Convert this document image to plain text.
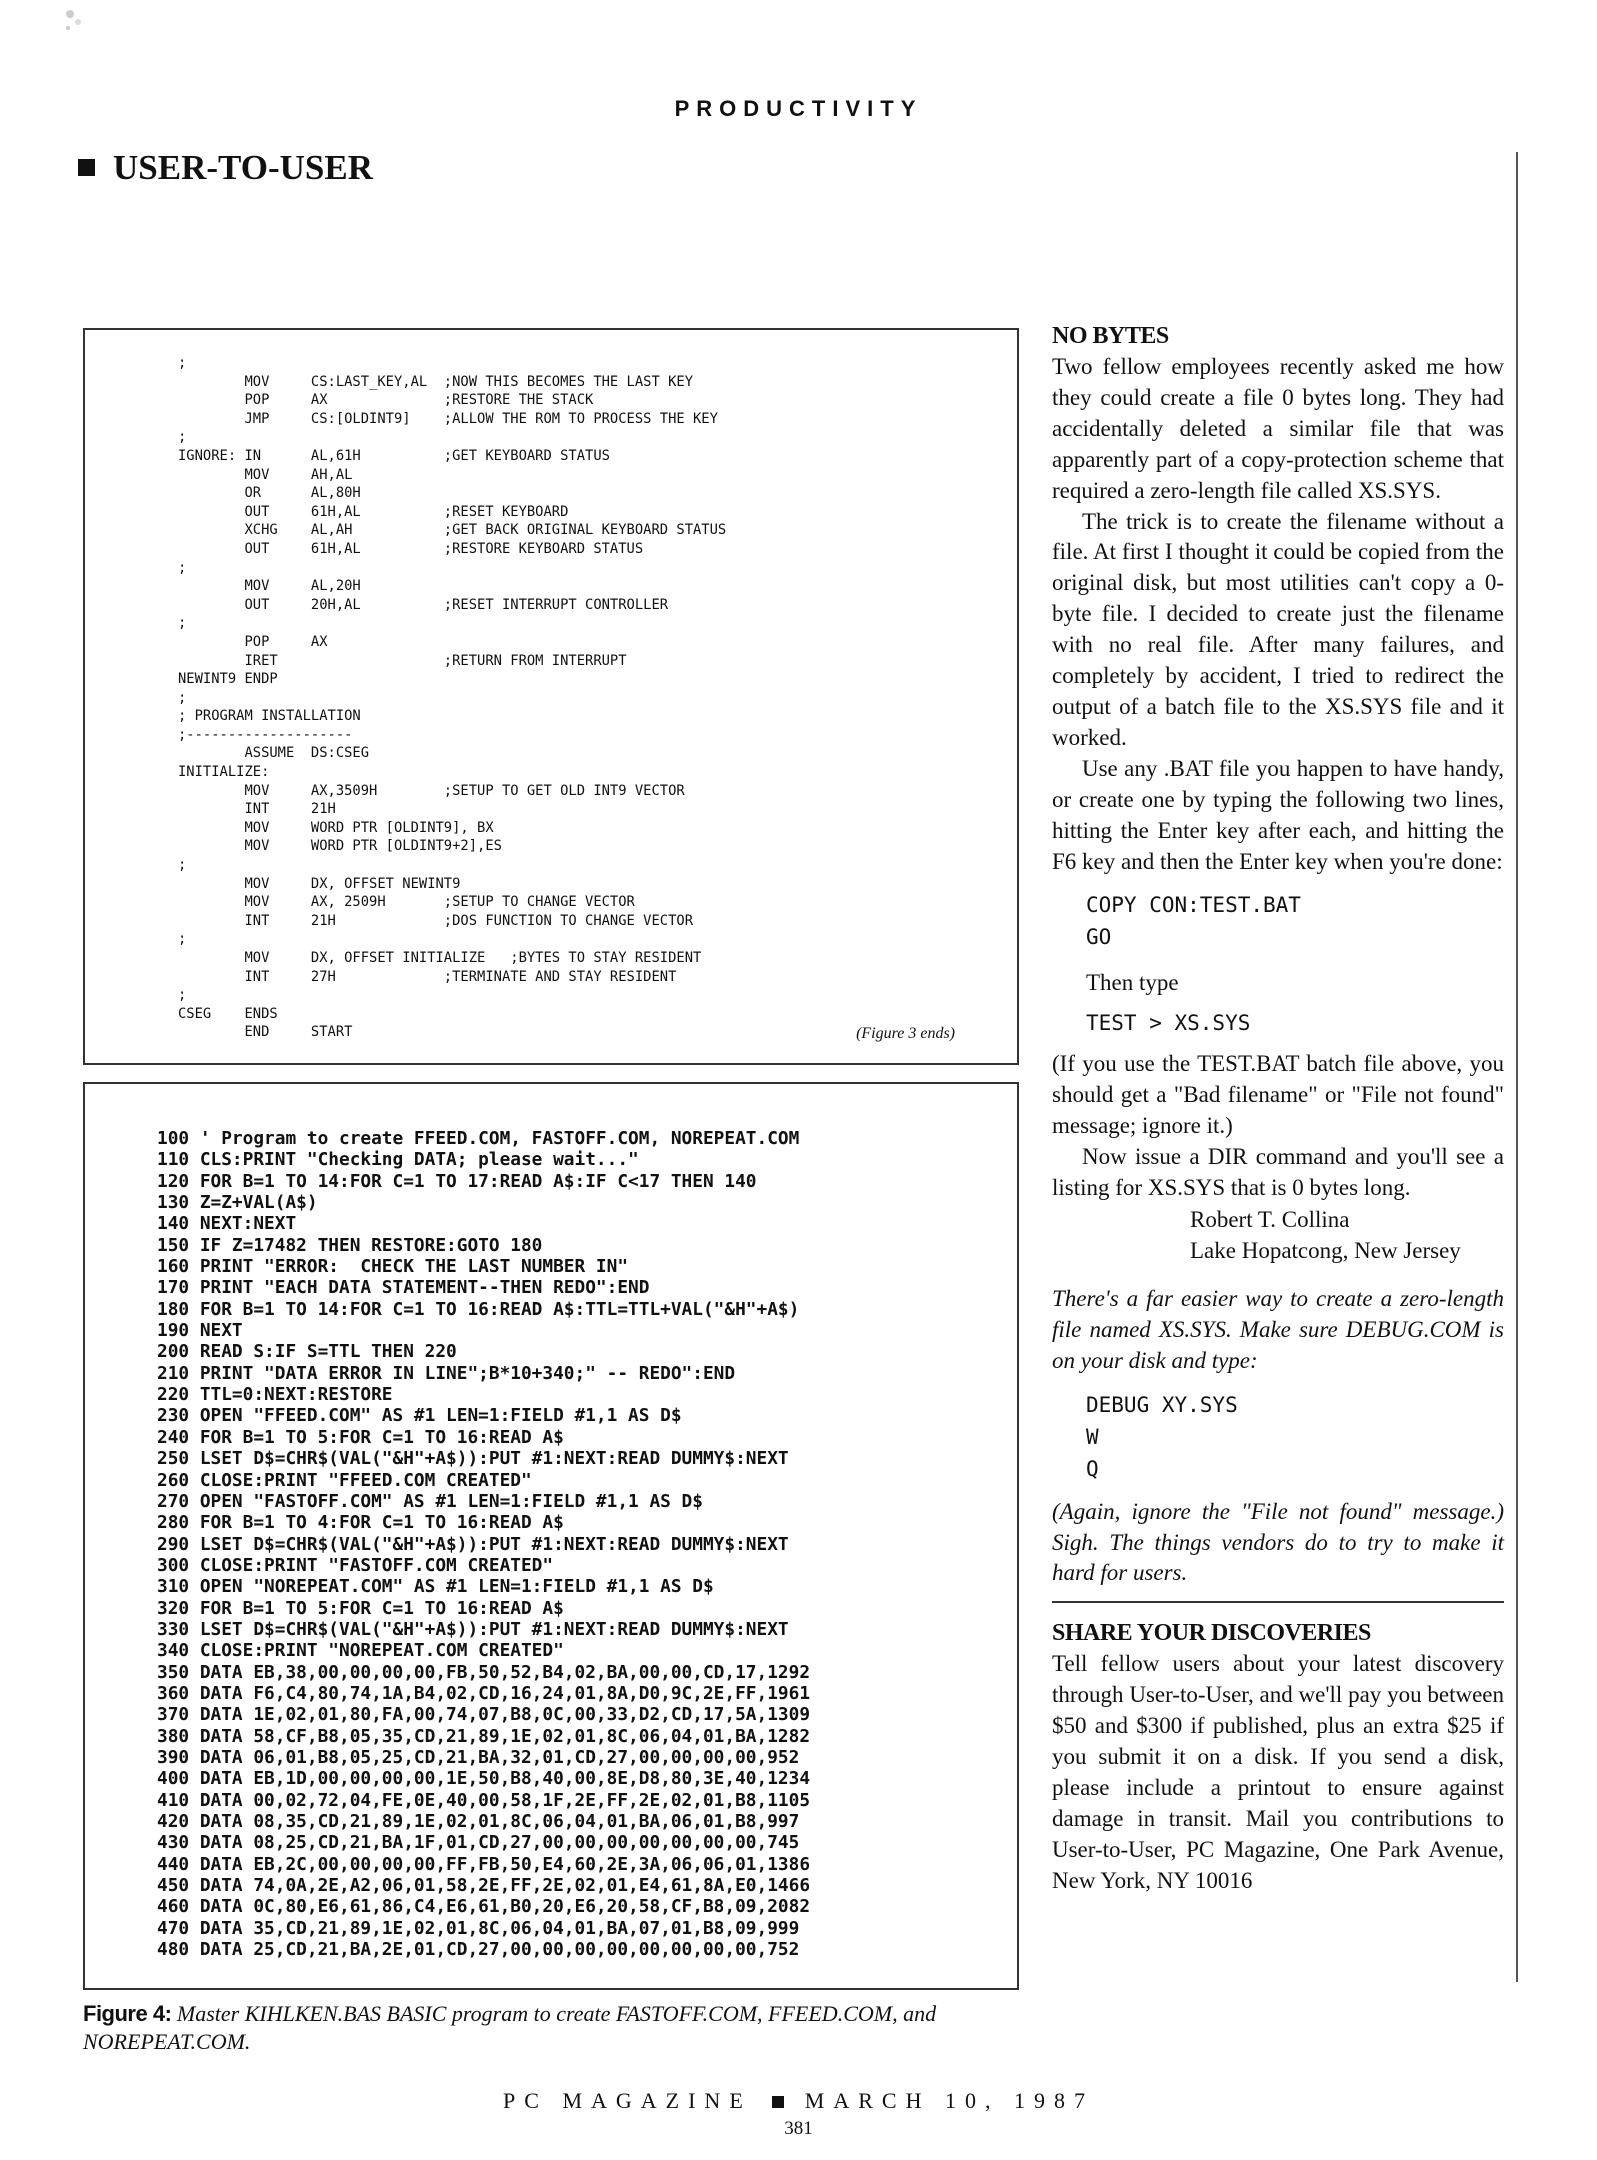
PRODUCTIVITY
USER-TO-USER
;
MOV     CS:LAST_KEY,AL  ;NOW THIS BECOMES THE LAST KEY
POP     AX              ;RESTORE THE STACK
JMP     CS:[OLDINT9]    ;ALLOW THE ROM TO PROCESS THE KEY
;
IGNORE: IN      AL,61H          ;GET KEYBOARD STATUS
MOV     AH,AL
OR      AL,80H
OUT     61H,AL          ;RESET KEYBOARD
XCHG    AL,AH           ;GET BACK ORIGINAL KEYBOARD STATUS
OUT     61H,AL          ;RESTORE KEYBOARD STATUS
;
MOV     AL,20H
OUT     20H,AL          ;RESET INTERRUPT CONTROLLER
;
POP     AX
IRET                    ;RETURN FROM INTERRUPT
NEWINT9 ENDP
;
; PROGRAM INSTALLATION
;--------------------
ASSUME  DS:CSEG
INITIALIZE:
MOV     AX,3509H        ;SETUP TO GET OLD INT9 VECTOR
INT     21H
MOV     WORD PTR [OLDINT9], BX
MOV     WORD PTR [OLDINT9+2],ES
;
MOV     DX, OFFSET NEWINT9
MOV     AX, 2509H       ;SETUP TO CHANGE VECTOR
INT     21H             ;DOS FUNCTION TO CHANGE VECTOR
;
MOV     DX, OFFSET INITIALIZE   ;BYTES TO STAY RESIDENT
INT     27H             ;TERMINATE AND STAY RESIDENT
;
CSEG    ENDS
END     START	(Figure 3 ends)
100 ' Program to create FFEED.COM, FASTOFF.COM, NOREPEAT.COM
110 CLS:PRINT "Checking DATA; please wait..."
120 FOR B=1 TO 14:FOR C=1 TO 17:READ A$:IF C<17 THEN 140
130 Z=Z+VAL(A$)
140 NEXT:NEXT
150 IF Z=17482 THEN RESTORE:GOTO 180
160 PRINT "ERROR:  CHECK THE LAST NUMBER IN"
170 PRINT "EACH DATA STATEMENT--THEN REDO":END
180 FOR B=1 TO 14:FOR C=1 TO 16:READ A$:TTL=TTL+VAL("&H"+A$)
190 NEXT
200 READ S:IF S=TTL THEN 220
210 PRINT "DATA ERROR IN LINE";B*10+340;" -- REDO":END
220 TTL=0:NEXT:RESTORE
230 OPEN "FFEED.COM" AS #1 LEN=1:FIELD #1,1 AS D$
240 FOR B=1 TO 5:FOR C=1 TO 16:READ A$
250 LSET D$=CHR$(VAL("&H"+A$)):PUT #1:NEXT:READ DUMMY$:NEXT
260 CLOSE:PRINT "FFEED.COM CREATED"
270 OPEN "FASTOFF.COM" AS #1 LEN=1:FIELD #1,1 AS D$
280 FOR B=1 TO 4:FOR C=1 TO 16:READ A$
290 LSET D$=CHR$(VAL("&H"+A$)):PUT #1:NEXT:READ DUMMY$:NEXT
300 CLOSE:PRINT "FASTOFF.COM CREATED"
310 OPEN "NOREPEAT.COM" AS #1 LEN=1:FIELD #1,1 AS D$
320 FOR B=1 TO 5:FOR C=1 TO 16:READ A$
330 LSET D$=CHR$(VAL("&H"+A$)):PUT #1:NEXT:READ DUMMY$:NEXT
340 CLOSE:PRINT "NOREPEAT.COM CREATED"
350 DATA EB,38,00,00,00,00,FB,50,52,B4,02,BA,00,00,CD,17,1292
360 DATA F6,C4,80,74,1A,B4,02,CD,16,24,01,8A,D0,9C,2E,FF,1961
370 DATA 1E,02,01,80,FA,00,74,07,B8,0C,00,33,D2,CD,17,5A,1309
380 DATA 58,CF,B8,05,35,CD,21,89,1E,02,01,8C,06,04,01,BA,1282
390 DATA 06,01,B8,05,25,CD,21,BA,32,01,CD,27,00,00,00,00,952
400 DATA EB,1D,00,00,00,00,1E,50,B8,40,00,8E,D8,80,3E,40,1234
410 DATA 00,02,72,04,FE,0E,40,00,58,1F,2E,FF,2E,02,01,B8,1105
420 DATA 08,35,CD,21,89,1E,02,01,8C,06,04,01,BA,06,01,B8,997
430 DATA 08,25,CD,21,BA,1F,01,CD,27,00,00,00,00,00,00,00,745
440 DATA EB,2C,00,00,00,00,FF,FB,50,E4,60,2E,3A,06,06,01,1386
450 DATA 74,0A,2E,A2,06,01,58,2E,FF,2E,02,01,E4,61,8A,E0,1466
460 DATA 0C,80,E6,61,86,C4,E6,61,B0,20,E6,20,58,CF,B8,09,2082
470 DATA 35,CD,21,89,1E,02,01,8C,06,04,01,BA,07,01,B8,09,999
480 DATA 25,CD,21,BA,2E,01,CD,27,00,00,00,00,00,00,00,00,752
Figure 4: Master KIHLKEN.BAS BASIC program to create FASTOFF.COM, FFEED.COM, and NOREPEAT.COM.
NO BYTES

Two fellow employees recently asked me how they could create a file 0 bytes long. They had accidentally deleted a similar file that was apparently part of a copy-protection scheme that required a zero-length file called XS.SYS.

The trick is to create the filename without a file. At first I thought it could be copied from the original disk, but most utilities can't copy a 0-byte file. I decided to create just the filename with no real file. After many failures, and completely by accident, I tried to redirect the output of a batch file to the XS.SYS file and it worked.

Use any .BAT file you happen to have handy, or create one by typing the following two lines, hitting the Enter key after each, and hitting the F6 key and then the Enter key when you're done:

COPY CON:TEST.BAT
GO
Then type
TEST > XS.SYS

(If you use the TEST.BAT batch file above, you should get a "Bad filename" or "File not found" message; ignore it.)

Now issue a DIR command and you'll see a listing for XS.SYS that is 0 bytes long.

Robert T. Collina
Lake Hopatcong, New Jersey

There's a far easier way to create a zero-length file named XS.SYS. Make sure DEBUG.COM is on your disk and type:

DEBUG XY.SYS
W
Q

(Again, ignore the "File not found" message.) Sigh. The things vendors do to try to make it hard for users.

SHARE YOUR DISCOVERIES

Tell fellow users about your latest discovery through User-to-User, and we'll pay you between $50 and $300 if published, plus an extra $25 if you submit it on a disk. If you send a disk, please include a printout to ensure against damage in transit. Mail you contributions to User-to-User, PC Magazine, One Park Avenue, New York, NY 10016

PC MAGAZINE MARCH 10, 1987
381
